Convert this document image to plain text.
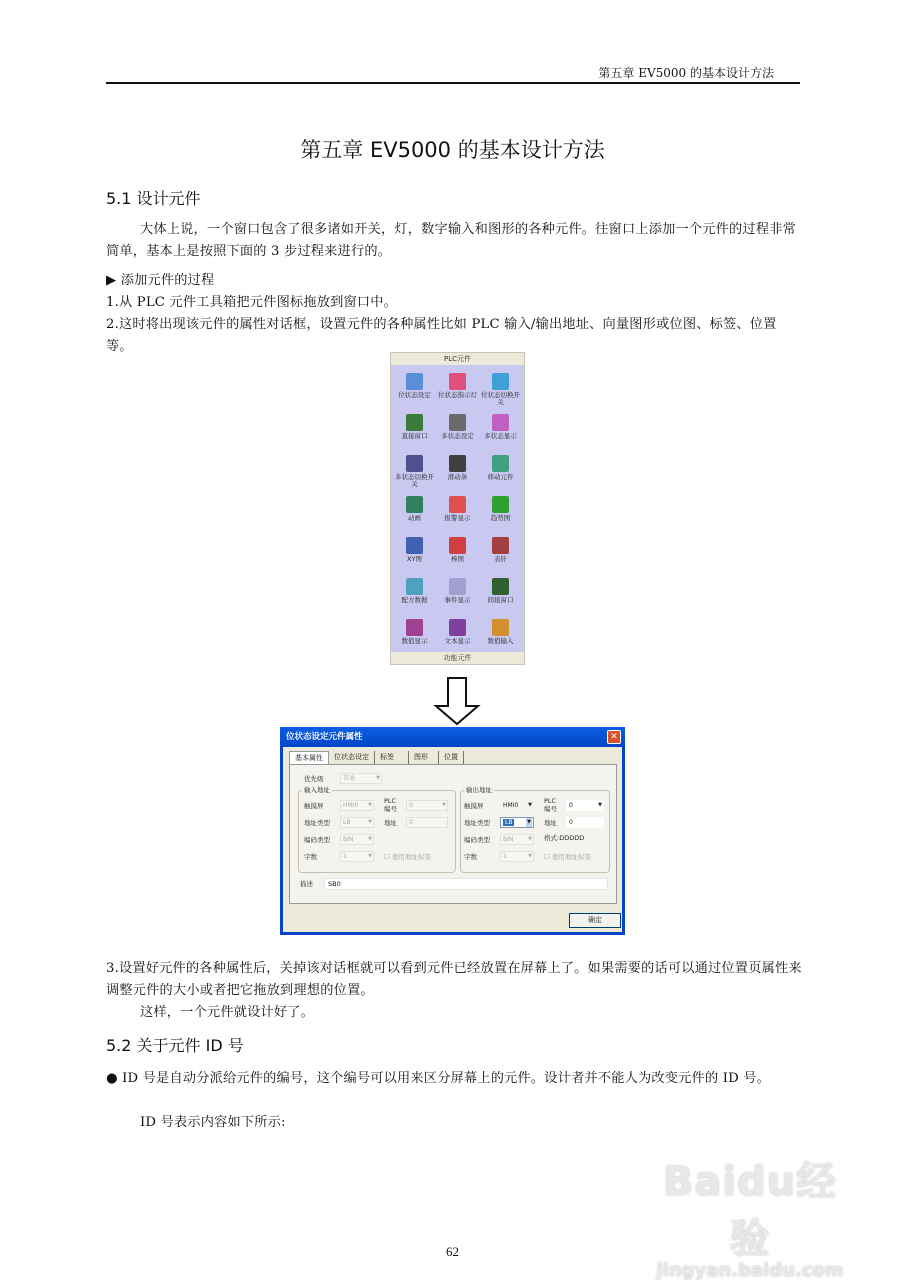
第五章 EV5000 的基本设计方法
第五章 EV5000 的基本设计方法
5.1 设计元件
大体上说，一个窗口包含了很多诸如开关，灯，数字输入和图形的各种元件。往窗口上添加一个元件的过程非常简单，基本上是按照下面的 3 步过程来进行的。
▶ 添加元件的过程
1.从 PLC 元件工具箱把元件图标拖放到窗口中。
2.这时将出现该元件的属性对话框，设置元件的各种属性比如 PLC 输入/输出地址、向量图形或位图、标签、位置等。
PLC元件
位状态设定 位状态指示灯 位状态切换开关
直接窗口 多状态设定 多状态显示
多状态切换开关
滑动条	移动元件
动画	报警显示	趋势图
XY图	棒图	表针
配方数据	事件显示	间接窗口
数值显示	文本显示	数值输入
功能元件
位状态设定元件属性	✕
基本属性	位状态设定	标签	图形	位置
优先级	普通	▼
输入地址
触摸屏	HMI0 ▼ PLC 编号	0	▼
地址类型	LB	▼ 地址	0
编码类型	BIN	▼
字数	1	▼ ☐ 使用地址标签
输出地址
触摸屏	HMI0 ▼ PLC 编号	0	▼
地址类型	LB	▼ 地址	0
编码类型	BIN	▼ 格式:DDDDD
字数	1	▼ ☐ 使用地址标签
描述	SB0
确定
3.设置好元件的各种属性后，关掉该对话框就可以看到元件已经放置在屏幕上了。如果需要的话可以通过位置页属性来调整元件的大小或者把它拖放到理想的位置。
这样，一个元件就设计好了。
5.2 关于元件 ID 号
● ID 号是自动分派给元件的编号，这个编号可以用来区分屏幕上的元件。设计者并不能人为改变元件的 ID 号。
ID 号表示内容如下所示:
Baidu经验
jingyan.baidu.com
62
